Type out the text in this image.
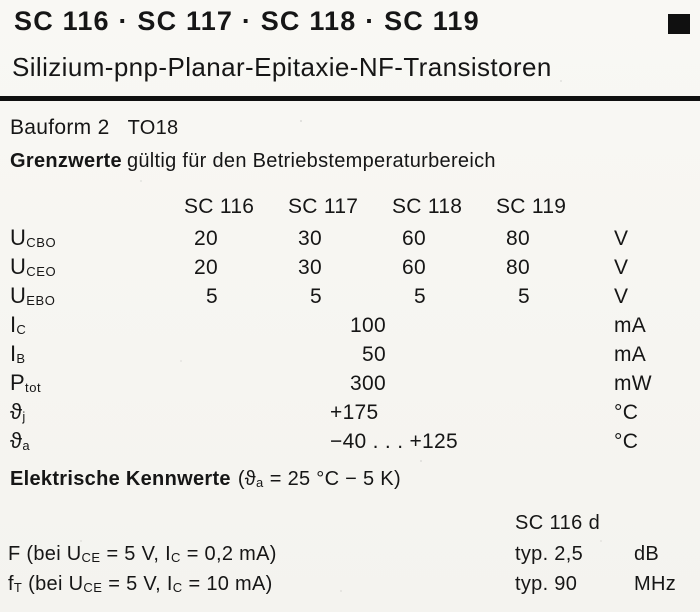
SC 116 · SC 117 · SC 118 · SC 119
Silizium-pnp-Planar-Epitaxie-NF-Transistoren
Bauform 2 TO18
Grenzwerte gültig für den Betriebstemperaturbereich
SC 116	SC 117	SC 118	SC 119
UCBO	20	30	60	80	V
UCEO	20	30	60	80	V
UEBO	5	5	5	5	V
IC	100	mA
IB	50	mA
Ptot	300	mW
ϑj	+175	°C
ϑa	−40 . . . +125	°C
Elektrische Kennwerte (ϑa = 25 °C − 5 K)
SC 116 d
F (bei UCE = 5 V, IC = 0,2 mA)	typ. 2,5	dB
fT (bei UCE = 5 V, IC = 10 mA)	typ. 90	MHz
